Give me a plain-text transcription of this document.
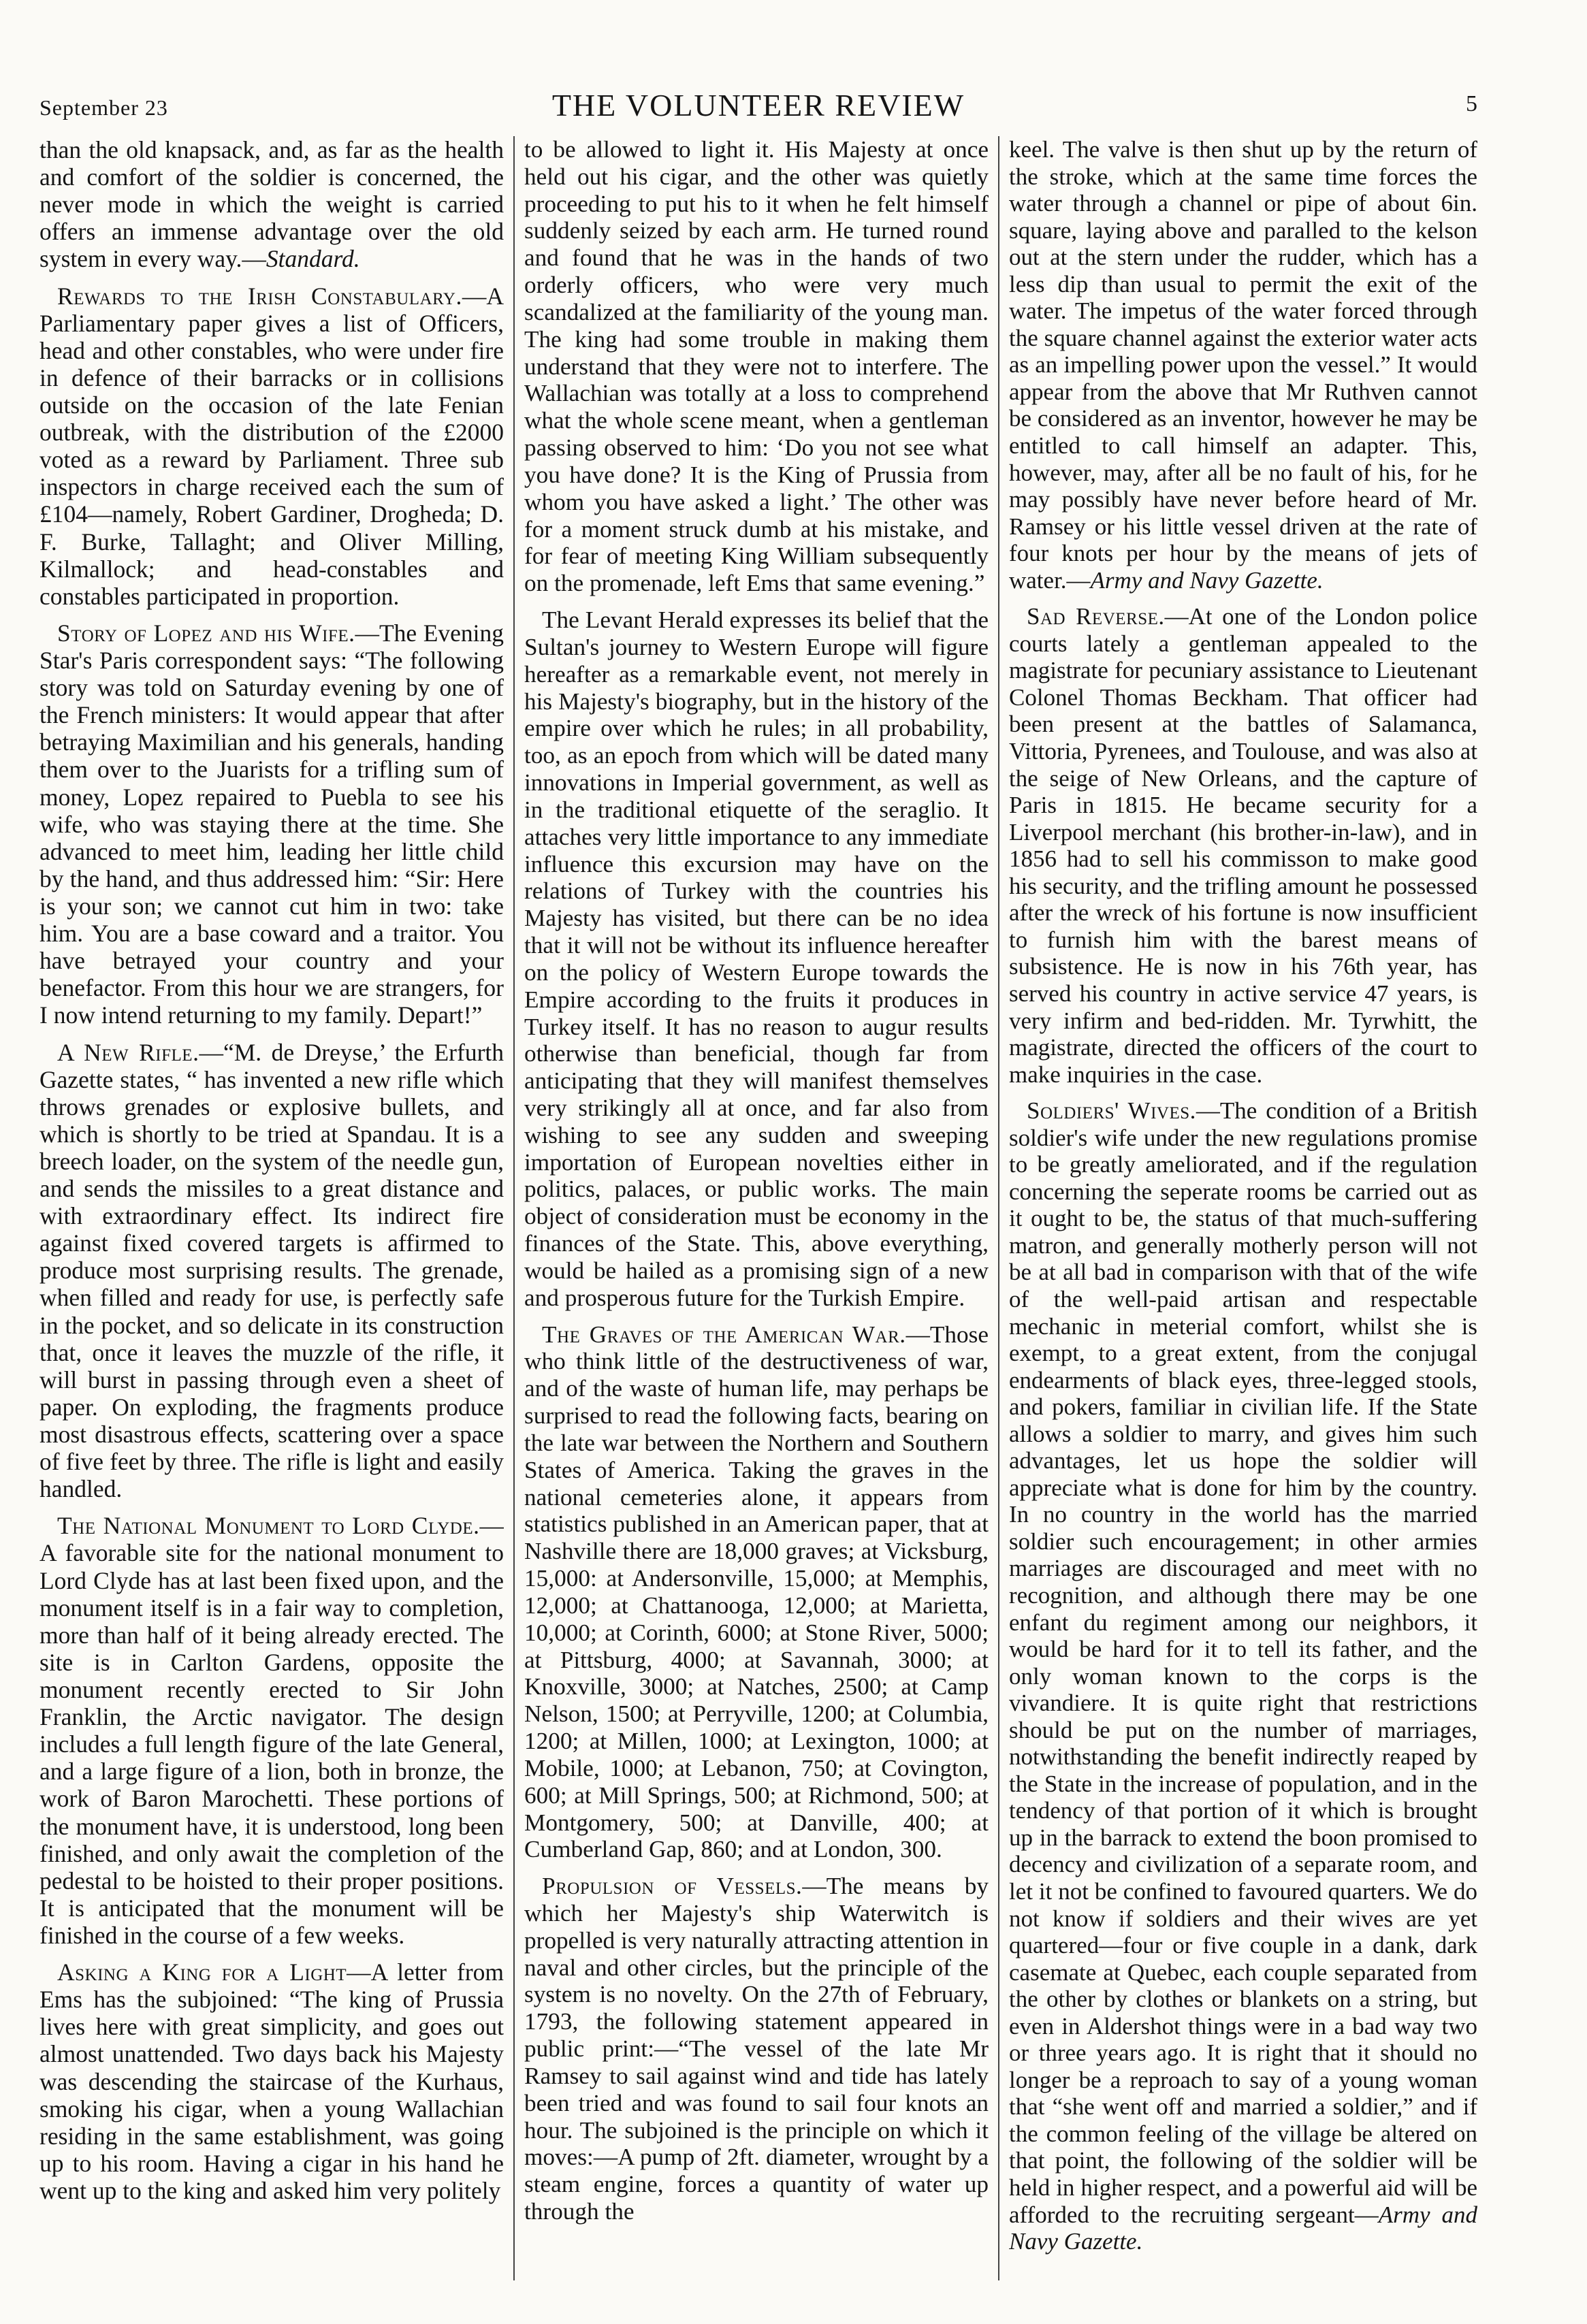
September 23	THE VOLUNTEER REVIEW	5

than the old knapsack, and, as far as the health and comfort of the soldier is concerned, the never mode in which the weight is carried offers an immense advantage over the old system in every way.—Standard.

Rewards to the Irish Constabulary.—A Parliamentary paper gives a list of Officers, head and other constables, who were under fire in defence of their barracks or in collisions outside on the occasion of the late Fenian outbreak, with the distribution of the £2000 voted as a reward by Parliament. Three sub inspectors in charge received each the sum of £104—namely, Robert Gardiner, Drogheda; D. F. Burke, Tallaght; and Oliver Milling, Kilmallock; and head-constables and constables participated in proportion.

Story of Lopez and his Wife.—The Evening Star's Paris correspondent says: “The following story was told on Saturday evening by one of the French ministers: It would appear that after betraying Maximilian and his generals, handing them over to the Juarists for a trifling sum of money, Lopez repaired to Puebla to see his wife, who was staying there at the time. She advanced to meet him, leading her little child by the hand, and thus addressed him: “Sir: Here is your son; we cannot cut him in two: take him. You are a base coward and a traitor. You have betrayed your country and your benefactor. From this hour we are strangers, for I now intend returning to my family. Depart!”

A New Rifle.—“M. de Dreyse,’ the Erfurth Gazette states, “ has invented a new rifle which throws grenades or explosive bullets, and which is shortly to be tried at Spandau. It is a breech loader, on the system of the needle gun, and sends the missiles to a great distance and with extraordinary effect. Its indirect fire against fixed covered targets is affirmed to produce most surprising results. The grenade, when filled and ready for use, is perfectly safe in the pocket, and so delicate in its construction that, once it leaves the muzzle of the rifle, it will burst in passing through even a sheet of paper. On exploding, the fragments produce most disastrous effects, scattering over a space of five feet by three. The rifle is light and easily handled.

The National Monument to Lord Clyde.—A favorable site for the national monument to Lord Clyde has at last been fixed upon, and the monument itself is in a fair way to completion, more than half of it being already erected. The site is in Carlton Gardens, opposite the monument recently erected to Sir John Franklin, the Arctic navigator. The design includes a full length figure of the late General, and a large figure of a lion, both in bronze, the work of Baron Marochetti. These portions of the monument have, it is understood, long been finished, and only await the completion of the pedestal to be hoisted to their proper positions. It is anticipated that the monument will be finished in the course of a few weeks.

Asking a King for a Light—A letter from Ems has the subjoined: “The king of Prussia lives here with great simplicity, and goes out almost unattended. Two days back his Majesty was descending the staircase of the Kurhaus, smoking his cigar, when a young Wallachian residing in the same establishment, was going up to his room. Having a cigar in his hand he went up to the king and asked him very politely

to be allowed to light it. His Majesty at once held out his cigar, and the other was quietly proceeding to put his to it when he felt himself suddenly seized by each arm. He turned round and found that he was in the hands of two orderly officers, who were very much scandalized at the familiarity of the young man. The king had some trouble in making them understand that they were not to interfere. The Wallachian was totally at a loss to comprehend what the whole scene meant, when a gentleman passing observed to him: ‘Do you not see what you have done? It is the King of Prussia from whom you have asked a light.’ The other was for a moment struck dumb at his mistake, and for fear of meeting King William subsequently on the promenade, left Ems that same evening.”

The Levant Herald expresses its belief that the Sultan's journey to Western Europe will figure hereafter as a remarkable event, not merely in his Majesty's biography, but in the history of the empire over which he rules; in all probability, too, as an epoch from which will be dated many innovations in Imperial government, as well as in the traditional etiquette of the seraglio. It attaches very little importance to any immediate influence this excursion may have on the relations of Turkey with the countries his Majesty has visited, but there can be no idea that it will not be without its influence hereafter on the policy of Western Europe towards the Empire according to the fruits it produces in Turkey itself. It has no reason to augur results otherwise than beneficial, though far from anticipating that they will manifest themselves very strikingly all at once, and far also from wishing to see any sudden and sweeping importation of European novelties either in politics, palaces, or public works. The main object of consideration must be economy in the finances of the State. This, above everything, would be hailed as a promising sign of a new and prosperous future for the Turkish Empire.

The Graves of the American War.—Those who think little of the destructiveness of war, and of the waste of human life, may perhaps be surprised to read the following facts, bearing on the late war between the Northern and Southern States of America. Taking the graves in the national cemeteries alone, it appears from statistics published in an American paper, that at Nashville there are 18,000 graves; at Vicksburg, 15,000: at Andersonville, 15,000; at Memphis, 12,000; at Chattanooga, 12,000; at Marietta, 10,000; at Corinth, 6000; at Stone River, 5000; at Pittsburg, 4000; at Savannah, 3000; at Knoxville, 3000; at Natches, 2500; at Camp Nelson, 1500; at Perryville, 1200; at Columbia, 1200; at Millen, 1000; at Lexington, 1000; at Mobile, 1000; at Lebanon, 750; at Covington, 600; at Mill Springs, 500; at Richmond, 500; at Montgomery, 500; at Danville, 400; at Cumberland Gap, 860; and at London, 300.

Propulsion of Vessels.—The means by which her Majesty's ship Waterwitch is propelled is very naturally attracting attention in naval and other circles, but the principle of the system is no novelty. On the 27th of February, 1793, the following statement appeared in public print:—“The vessel of the late Mr Ramsey to sail against wind and tide has lately been tried and was found to sail four knots an hour. The subjoined is the principle on which it moves:—A pump of 2ft. diameter, wrought by a steam engine, forces a quantity of water up through the

keel. The valve is then shut up by the return of the stroke, which at the same time forces the water through a channel or pipe of about 6in. square, laying above and paralled to the kelson out at the stern under the rudder, which has a less dip than usual to permit the exit of the water. The impetus of the water forced through the square channel against the exterior water acts as an impelling power upon the vessel.” It would appear from the above that Mr Ruthven cannot be considered as an inventor, however he may be entitled to call himself an adapter. This, however, may, after all be no fault of his, for he may possibly have never before heard of Mr. Ramsey or his little vessel driven at the rate of four knots per hour by the means of jets of water.—Army and Navy Gazette.

Sad Reverse.—At one of the London police courts lately a gentleman appealed to the magistrate for pecuniary assistance to Lieutenant Colonel Thomas Beckham. That officer had been present at the battles of Salamanca, Vittoria, Pyrenees, and Toulouse, and was also at the seige of New Orleans, and the capture of Paris in 1815. He became security for a Liverpool merchant (his brother-in-law), and in 1856 had to sell his commisson to make good his security, and the trifling amount he possessed after the wreck of his fortune is now insufficient to furnish him with the barest means of subsistence. He is now in his 76th year, has served his country in active service 47 years, is very infirm and bed-ridden. Mr. Tyrwhitt, the magistrate, directed the officers of the court to make inquiries in the case.

Soldiers' Wives.—The condition of a British soldier's wife under the new regulations promise to be greatly ameliorated, and if the regulation concerning the seperate rooms be carried out as it ought to be, the status of that much-suffering matron, and generally motherly person will not be at all bad in comparison with that of the wife of the well-paid artisan and respectable mechanic in meterial comfort, whilst she is exempt, to a great extent, from the conjugal endearments of black eyes, three-legged stools, and pokers, familiar in civilian life. If the State allows a soldier to marry, and gives him such advantages, let us hope the soldier will appreciate what is done for him by the country. In no country in the world has the married soldier such encouragement; in other armies marriages are discouraged and meet with no recognition, and although there may be one enfant du regiment among our neighbors, it would be hard for it to tell its father, and the only woman known to the corps is the vivandiere. It is quite right that restrictions should be put on the number of marriages, notwithstanding the benefit indirectly reaped by the State in the increase of population, and in the tendency of that portion of it which is brought up in the barrack to extend the boon promised to decency and civilization of a separate room, and let it not be confined to favoured quarters. We do not know if soldiers and their wives are yet quartered—four or five couple in a dank, dark casemate at Quebec, each couple separated from the other by clothes or blankets on a string, but even in Aldershot things were in a bad way two or three years ago. It is right that it should no longer be a reproach to say of a young woman that “she went off and married a soldier,” and if the common feeling of the village be altered on that point, the following of the soldier will be held in higher respect, and a powerful aid will be afforded to the recruiting sergeant—Army and Navy Gazette.
